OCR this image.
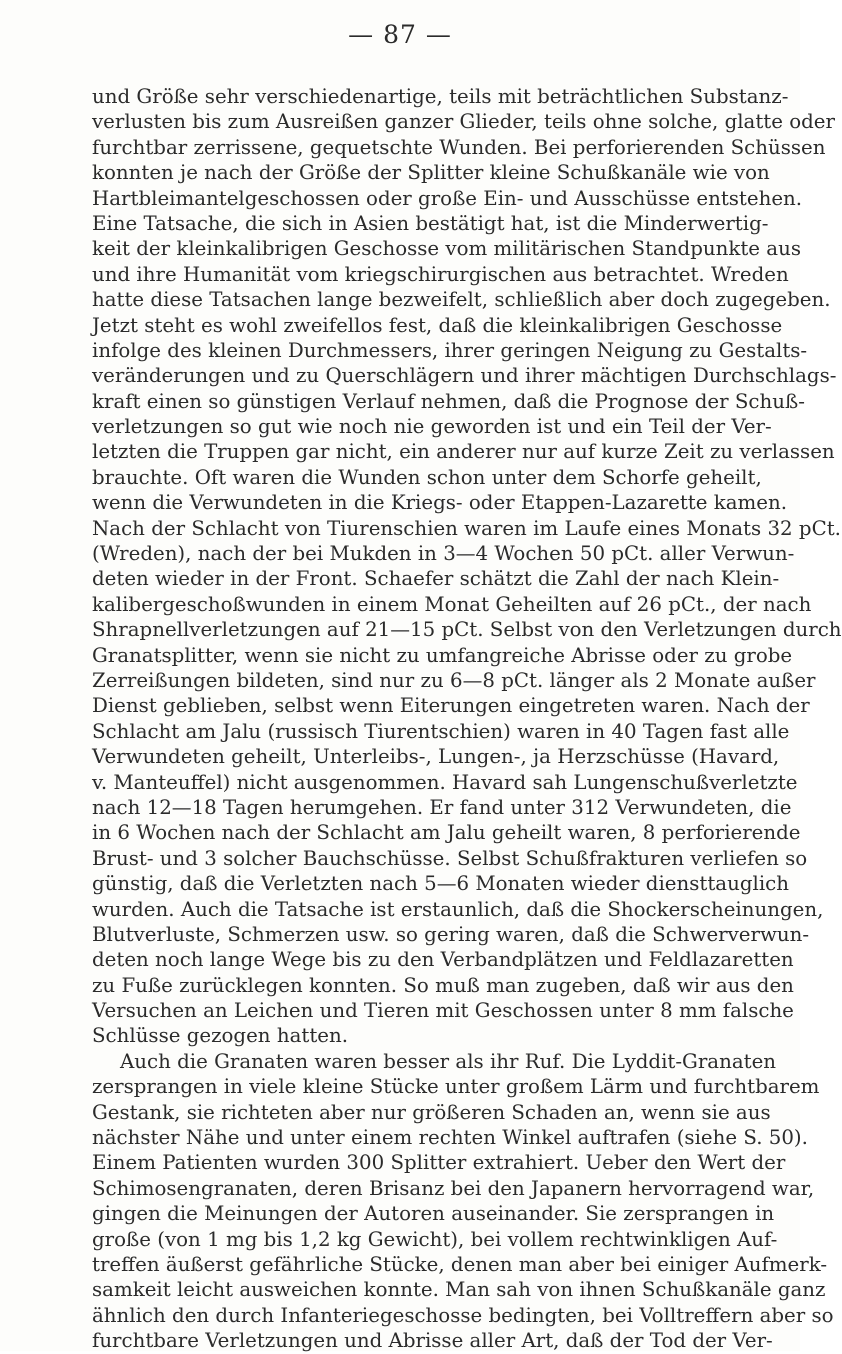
— 87 —
und Größe sehr verschiedenartige, teils mit beträchtlichen Substanz-
verlusten bis zum Ausreißen ganzer Glieder, teils ohne solche, glatte oder
furchtbar zerrissene, gequetschte Wunden. Bei perforierenden Schüssen
konnten je nach der Größe der Splitter kleine Schußkanäle wie von
Hartbleimantelgeschossen oder große Ein- und Ausschüsse entstehen.
Eine Tatsache, die sich in Asien bestätigt hat, ist die Minderwertig-
keit der kleinkalibrigen Geschosse vom militärischen Standpunkte aus
und ihre Humanität vom kriegschirurgischen aus betrachtet. Wreden
hatte diese Tatsachen lange bezweifelt, schließlich aber doch zugegeben.
Jetzt steht es wohl zweifellos fest, daß die kleinkalibrigen Geschosse
infolge des kleinen Durchmessers, ihrer geringen Neigung zu Gestalts-
veränderungen und zu Querschlägern und ihrer mächtigen Durchschlags-
kraft einen so günstigen Verlauf nehmen, daß die Prognose der Schuß-
verletzungen so gut wie noch nie geworden ist und ein Teil der Ver-
letzten die Truppen gar nicht, ein anderer nur auf kurze Zeit zu verlassen
brauchte. Oft waren die Wunden schon unter dem Schorfe geheilt,
wenn die Verwundeten in die Kriegs- oder Etappen-Lazarette kamen.
Nach der Schlacht von Tiurenschien waren im Laufe eines Monats 32 pCt.
(Wreden), nach der bei Mukden in 3—4 Wochen 50 pCt. aller Verwun-
deten wieder in der Front. Schaefer schätzt die Zahl der nach Klein-
kalibergeschoßwunden in einem Monat Geheilten auf 26 pCt., der nach
Shrapnellverletzungen auf 21—15 pCt. Selbst von den Verletzungen durch
Granatsplitter, wenn sie nicht zu umfangreiche Abrisse oder zu grobe
Zerreißungen bildeten, sind nur zu 6—8 pCt. länger als 2 Monate außer
Dienst geblieben, selbst wenn Eiterungen eingetreten waren. Nach der
Schlacht am Jalu (russisch Tiurentschien) waren in 40 Tagen fast alle
Verwundeten geheilt, Unterleibs-, Lungen-, ja Herzschüsse (Havard,
v. Manteuffel) nicht ausgenommen. Havard sah Lungenschußverletzte
nach 12—18 Tagen herumgehen. Er fand unter 312 Verwundeten, die
in 6 Wochen nach der Schlacht am Jalu geheilt waren, 8 perforierende
Brust- und 3 solcher Bauchschüsse. Selbst Schußfrakturen verliefen so
günstig, daß die Verletzten nach 5—6 Monaten wieder diensttauglich
wurden. Auch die Tatsache ist erstaunlich, daß die Shockerscheinungen,
Blutverluste, Schmerzen usw. so gering waren, daß die Schwerverwun-
deten noch lange Wege bis zu den Verbandplätzen und Feldlazaretten
zu Fuße zurücklegen konnten. So muß man zugeben, daß wir aus den
Versuchen an Leichen und Tieren mit Geschossen unter 8 mm falsche
Schlüsse gezogen hatten.
Auch die Granaten waren besser als ihr Ruf. Die Lyddit-Granaten
zersprangen in viele kleine Stücke unter großem Lärm und furchtbarem
Gestank, sie richteten aber nur größeren Schaden an, wenn sie aus
nächster Nähe und unter einem rechten Winkel auftrafen (siehe S. 50).
Einem Patienten wurden 300 Splitter extrahiert. Ueber den Wert der
Schimosengranaten, deren Brisanz bei den Japanern hervorragend war,
gingen die Meinungen der Autoren auseinander. Sie zersprangen in
große (von 1 mg bis 1,2 kg Gewicht), bei vollem rechtwinkligen Auf-
treffen äußerst gefährliche Stücke, denen man aber bei einiger Aufmerk-
samkeit leicht ausweichen konnte. Man sah von ihnen Schußkanäle ganz
ähnlich den durch Infanteriegeschosse bedingten, bei Volltreffern aber so
furchtbare Verletzungen und Abrisse aller Art, daß der Tod der Ver-
